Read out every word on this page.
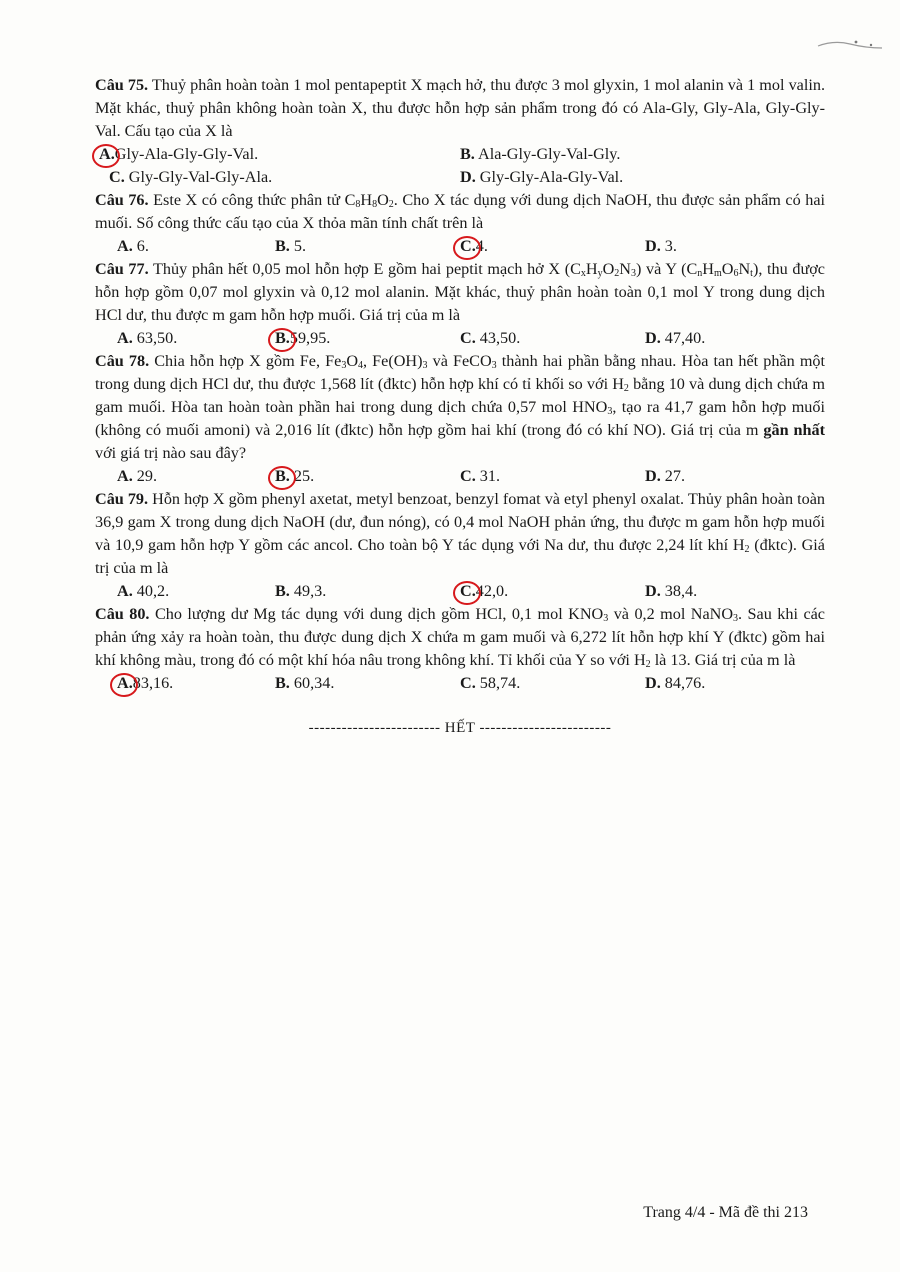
Câu 75. Thuỷ phân hoàn toàn 1 mol pentapeptit X mạch hở, thu được 3 mol glyxin, 1 mol alanin và 1 mol valin. Mặt khác, thuỷ phân không hoàn toàn X, thu được hỗn hợp sản phẩm trong đó có Ala-Gly, Gly-Ala, Gly-Gly-Val. Cấu tạo của X là

A.Gly-Ala-Gly-Gly-Val.	B. Ala-Gly-Gly-Val-Gly.
C. Gly-Gly-Val-Gly-Ala.	D. Gly-Gly-Ala-Gly-Val.

Câu 76. Este X có công thức phân tử $C_8H_8O_2$. Cho X tác dụng với dung dịch NaOH, thu được sản phẩm có hai muối. Số công thức cấu tạo của X thỏa mãn tính chất trên là

A. 6.	B. 5.	C.4.	D. 3.

Câu 77. Thủy phân hết 0,05 mol hỗn hợp E gồm hai peptit mạch hở X $(C_xH_yO_2N_3)$ và Y $(C_nH_mO_6N_t)$, thu được hỗn hợp gồm 0,07 mol glyxin và 0,12 mol alanin. Mặt khác, thuỷ phân hoàn toàn 0,1 mol Y trong dung dịch HCl dư, thu được m gam hỗn hợp muối. Giá trị của m là

A. 63,50.	B.59,95.	C. 43,50.	D. 47,40.

Câu 78. Chia hỗn hợp X gồm Fe, $Fe_3O_4$, $Fe(OH)_3$ và FeCO$_3$ thành hai phần bằng nhau. Hòa tan hết phần một trong dung dịch HCl dư, thu được 1,568 lít (đktc) hỗn hợp khí có tỉ khối so với $H_2$ bằng 10 và dung dịch chứa m gam muối. Hòa tan hoàn toàn phần hai trong dung dịch chứa 0,57 mol $HNO_3$, tạo ra 41,7 gam hỗn hợp muối (không có muối amoni) và 2,016 lít (đktc) hỗn hợp gồm hai khí (trong đó có khí NO). Giá trị của m gần nhất với giá trị nào sau đây?

A. 29.	B. 25.	C. 31.	D. 27.

Câu 79. Hỗn hợp X gồm phenyl axetat, metyl benzoat, benzyl fomat và etyl phenyl oxalat. Thủy phân hoàn toàn 36,9 gam X trong dung dịch NaOH (dư, đun nóng), có 0,4 mol NaOH phản ứng, thu được m gam hỗn hợp muối và 10,9 gam hỗn hợp Y gồm các ancol. Cho toàn bộ Y tác dụng với Na dư, thu được 2,24 lít khí $H_2$ (đktc). Giá trị của m là

A. 40,2.	B. 49,3.	C.42,0.	D. 38,4.

Câu 80. Cho lượng dư Mg tác dụng với dung dịch gồm HCl, 0,1 mol $KNO_3$ và 0,2 mol NaNO$_3$. Sau khi các phản ứng xảy ra hoàn toàn, thu được dung dịch X chứa m gam muối và 6,272 lít hỗn hợp khí Y (đktc) gồm hai khí không màu, trong đó có một khí hóa nâu trong không khí. Tỉ khối của Y so với $H_2$ là 13. Giá trị của m là

A.83,16.	B. 60,34.	C. 58,74.	D. 84,76.
------------------------ HẾT ------------------------
Trang 4/4 - Mã đề thi 213
